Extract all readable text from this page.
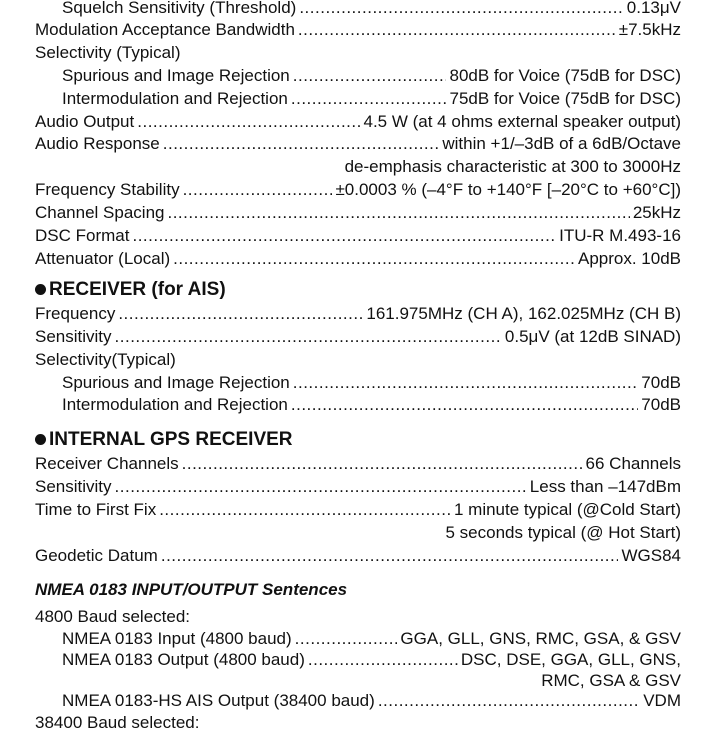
Squelch Sensitivity (Threshold) .....	0.13μV
Modulation Acceptance Bandwidth .....	±7.5kHz
Selectivity (Typical)
Spurious and Image Rejection .....	80dB for Voice (75dB for DSC)
Intermodulation and Rejection .....	75dB for Voice (75dB for DSC)
Audio Output .....	4.5 W (at 4 ohms external speaker output)
Audio Response .....	within +1/–3dB of a 6dB/Octave
de-emphasis characteristic at 300 to 3000Hz
Frequency Stability .....	±0.0003 % (–4°F to +140°F [–20°C to +60°C])
Channel Spacing .....	25kHz
DSC Format .....	ITU-R M.493-16
Attenuator (Local) .....	Approx. 10dB
RECEIVER (for AIS)
Frequency .....	161.975MHz (CH A), 162.025MHz (CH B)
Sensitivity .....	0.5μV (at 12dB SINAD)
Selectivity(Typical)
Spurious and Image Rejection .....	70dB
Intermodulation and Rejection .....	70dB
INTERNAL GPS RECEIVER
Receiver Channels .....	66 Channels
Sensitivity .....	Less than –147dBm
Time to First Fix .....	1 minute typical (@Cold Start)
5 seconds typical (@ Hot Start)
Geodetic Datum .....	WGS84
NMEA 0183 INPUT/OUTPUT Sentences
4800 Baud selected:
NMEA 0183 Input (4800 baud) .....	GGA, GLL, GNS, RMC, GSA, & GSV
NMEA 0183 Output (4800 baud) .....	DSC, DSE, GGA, GLL, GNS,
RMC, GSA & GSV
NMEA 0183-HS AIS Output (38400 baud) .....	VDM
38400 Baud selected:
